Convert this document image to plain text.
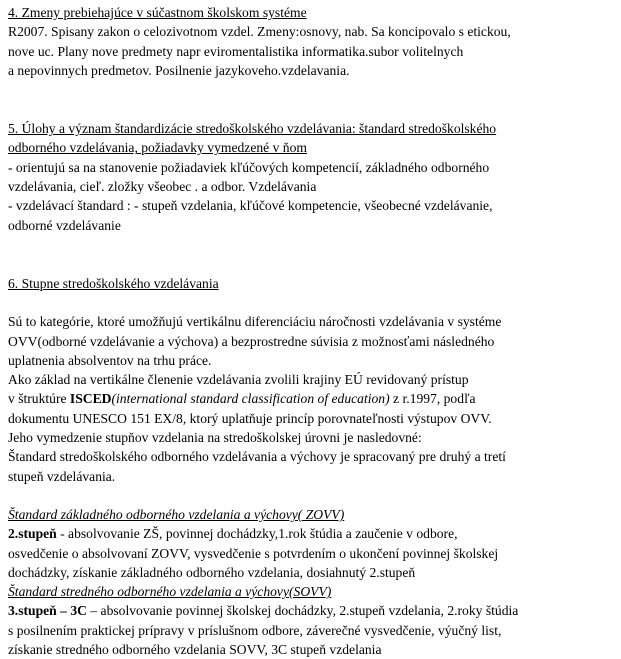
4. Zmeny prebiehajúce v súčastnom školskom systéme
R2007. Spisany zakon o celozivotnom vzdel. Zmeny:osnovy, nab. Sa koncipovalo s etickou,
nove uc. Plany nove predmety napr eviromentalistika informatika.subor volitelnych
a nepovinnych predmetov. Posilnenie jazykoveho.vzdelavania.
5. Úlohy a význam štandardizácie stredoškolského vzdelávania: štandard stredoškolského
odborného vzdelávania, požiadavky vymedzené v ňom
- orientujú sa na stanovenie požiadaviek kľúčových kompetencií, základného odborného
vzdelávania, cieľ. zložky všeobec . a odbor. Vzdelávania
- vzdelávací štandard : - stupeň vzdelania, kľúčové kompetencie, všeobecné vzdelávanie,
odborné vzdelávanie
6. Stupne stredoškolského vzdelávania
Sú to kategórie, ktoré umožňujú vertikálnu diferenciáciu náročnosti vzdelávania v systéme
OVV(odborné vzdelávanie a výchova) a bezprostredne súvisia z možnosťami následného
uplatnenia absolventov na trhu práce.
Ako základ na vertikálne členenie vzdelávania zvolili krajiny EÚ revidovaný prístup
v štruktúre ISCED(international standard classification of education) z r.1997, podľa
dokumentu UNESCO 151 EX/8, ktorý uplatňuje princíp porovnateľnosti výstupov OVV.
Jeho vymedzenie stupňov vzdelania na stredoškolskej úrovni je nasledovné:
Štandard stredoškolského odborného vzdelávania a výchovy je spracovaný pre druhý a tretí
stupeň vzdelávania.
Štandard základného odborného vzdelania a výchovy( ZOVV)
2.stupeň - absolvovanie ZŠ, povinnej dochádzky,1.rok štúdia a zaučenie v odbore,
osvedčenie o absolvovaní ZOVV, vysvedčenie s potvrdením o ukončení povinnej školskej
dochádzky, získanie základného odborného vzdelania, dosiahnutý 2.stupeň
Štandard stredného odborného vzdelania a výchovy(SOVV)
3.stupeň – 3C – absolvovanie povinnej školskej dochádzky, 2.stupeň vzdelania, 2.roky štúdia
s posilnením praktickej prípravy v príslušnom odbore, záverečné vysvedčenie, výučný list,
získanie stredného odborného vzdelania SOVV, 3C stupeň vzdelania
